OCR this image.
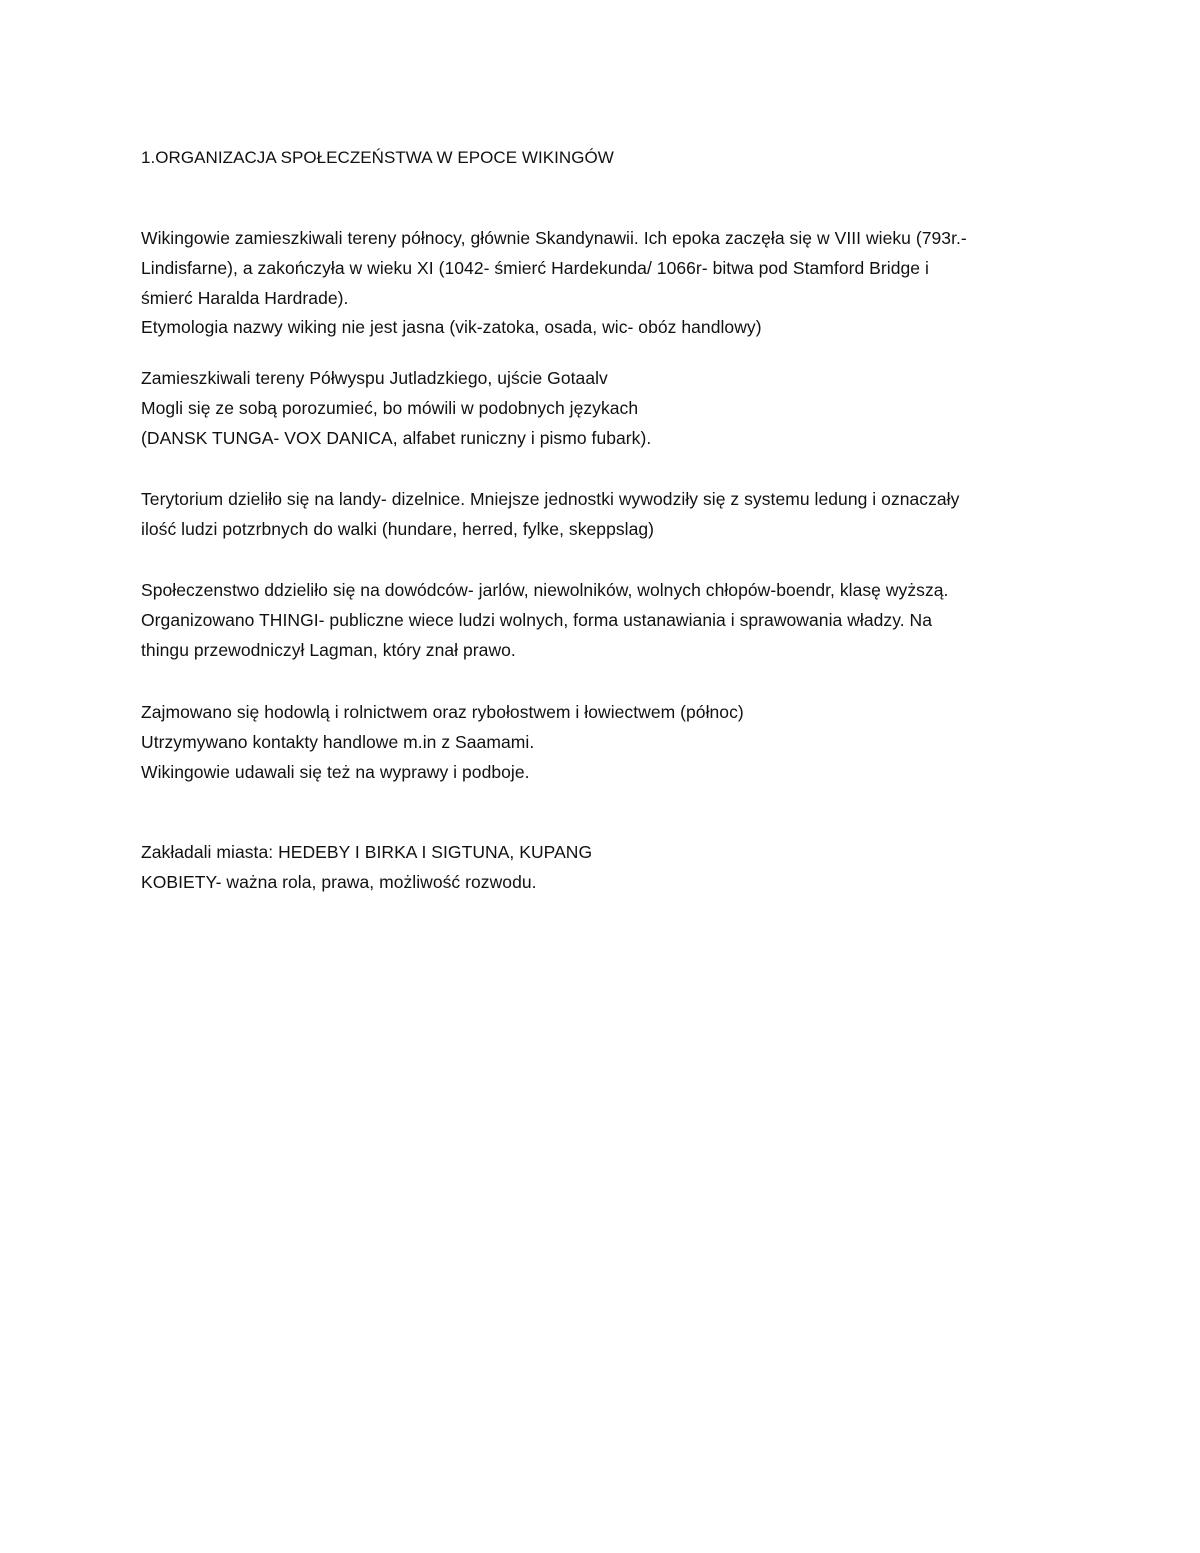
1.ORGANIZACJA SPOŁECZEŃSTWA W EPOCE WIKINGÓW

Wikingowie zamieszkiwali tereny północy, głównie Skandynawii. Ich epoka zaczęła się w VIII wieku (793r.-

Lindisfarne), a zakończyła w wieku XI (1042- śmierć Hardekunda/ 1066r- bitwa pod Stamford Bridge i

śmierć Haralda Hardrade).

Etymologia nazwy wiking nie jest jasna (vik-zatoka, osada, wic- obóz handlowy)

Zamieszkiwali tereny Półwyspu Jutladzkiego, ujście Gotaalv

Mogli się ze sobą porozumieć, bo mówili w podobnych językach

(DANSK TUNGA- VOX DANICA, alfabet runiczny i pismo fubark).

Terytorium dzieliło się na landy- dizelnice. Mniejsze jednostki wywodziły się z systemu ledung i oznaczały

ilość ludzi potzrbnych do walki (hundare, herred, fylke, skeppslag)

Społeczenstwo ddzieliło się na dowódców- jarlów, niewolników, wolnych chłopów-boendr, klasę wyższą.

Organizowano THINGI- publiczne wiece ludzi wolnych, forma ustanawiania i sprawowania władzy. Na

thingu przewodniczył Lagman, który znał prawo.

Zajmowano się hodowlą i rolnictwem oraz rybołostwem i łowiectwem (północ)

Utrzymywano kontakty handlowe m.in z Saamami.

Wikingowie udawali się też na wyprawy i podboje.

Zakładali miasta: HEDEBY I BIRKA I SIGTUNA, KUPANG

KOBIETY- ważna rola, prawa, możliwość rozwodu.
